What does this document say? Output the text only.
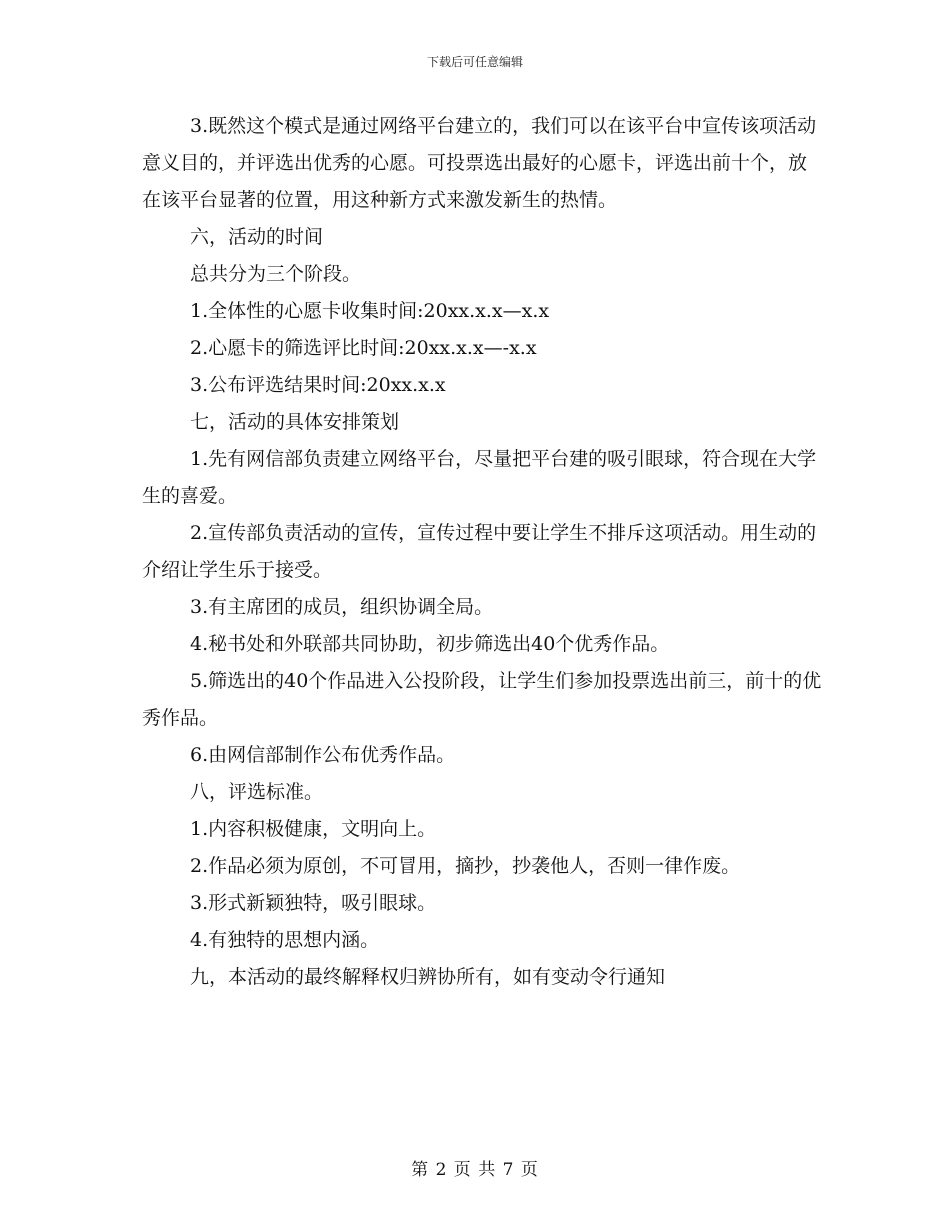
下载后可任意编辑

3.既然这个模式是通过网络平台建立的，我们可以在该平台中宣传该项活动意义目的，并评选出优秀的心愿。可投票选出最好的心愿卡，评选出前十个，放在该平台显著的位置，用这种新方式来激发新生的热情。

六，活动的时间

总共分为三个阶段。

1.全体性的心愿卡收集时间:20xx.x.x—x.x

2.心愿卡的筛选评比时间:20xx.x.x—-x.x

3.公布评选结果时间:20xx.x.x

七，活动的具体安排策划

1.先有网信部负责建立网络平台，尽量把平台建的吸引眼球，符合现在大学生的喜爱。

2.宣传部负责活动的宣传，宣传过程中要让学生不排斥这项活动。用生动的介绍让学生乐于接受。

3.有主席团的成员，组织协调全局。

4.秘书处和外联部共同协助，初步筛选出40个优秀作品。

5.筛选出的40个作品进入公投阶段，让学生们参加投票选出前三，前十的优秀作品。

6.由网信部制作公布优秀作品。

八，评选标准。

1.内容积极健康，文明向上。

2.作品必须为原创，不可冒用，摘抄，抄袭他人，否则一律作废。

3.形式新颖独特，吸引眼球。

4.有独特的思想内涵。

九，本活动的最终解释权归辨协所有，如有变动令行通知

第 2 页 共 7 页
